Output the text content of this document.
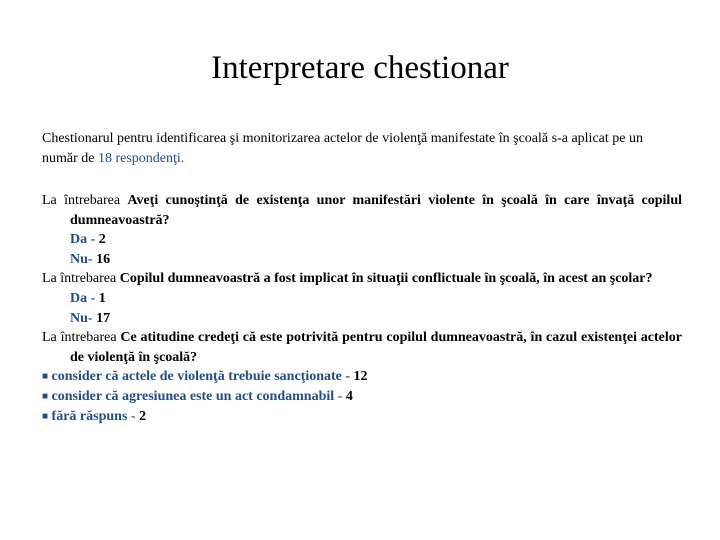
Interpretare chestionar
Chestionarul pentru identificarea şi monitorizarea actelor de violenţă manifestate în şcoală s-a aplicat pe un număr de 18 respondenţi.
La întrebarea Aveţi cunoştinţă de existenţa unor manifestări violente în şcoală în care învaţă copilul dumneavoastră?
Da - 2
Nu- 16
La întrebarea Copilul dumneavoastră a fost implicat în situaţii conflictuale în şcoală, în acest an şcolar?
Da - 1
Nu- 17
La întrebarea Ce atitudine credeţi că este potrivită pentru copilul dumneavoastră, în cazul existenţei actelor de violenţă în şcoală?
■ consider că actele de violenţă trebuie sancţionate - 12
■ consider că agresiunea este un act condamnabil - 4
■ fără răspuns - 2
